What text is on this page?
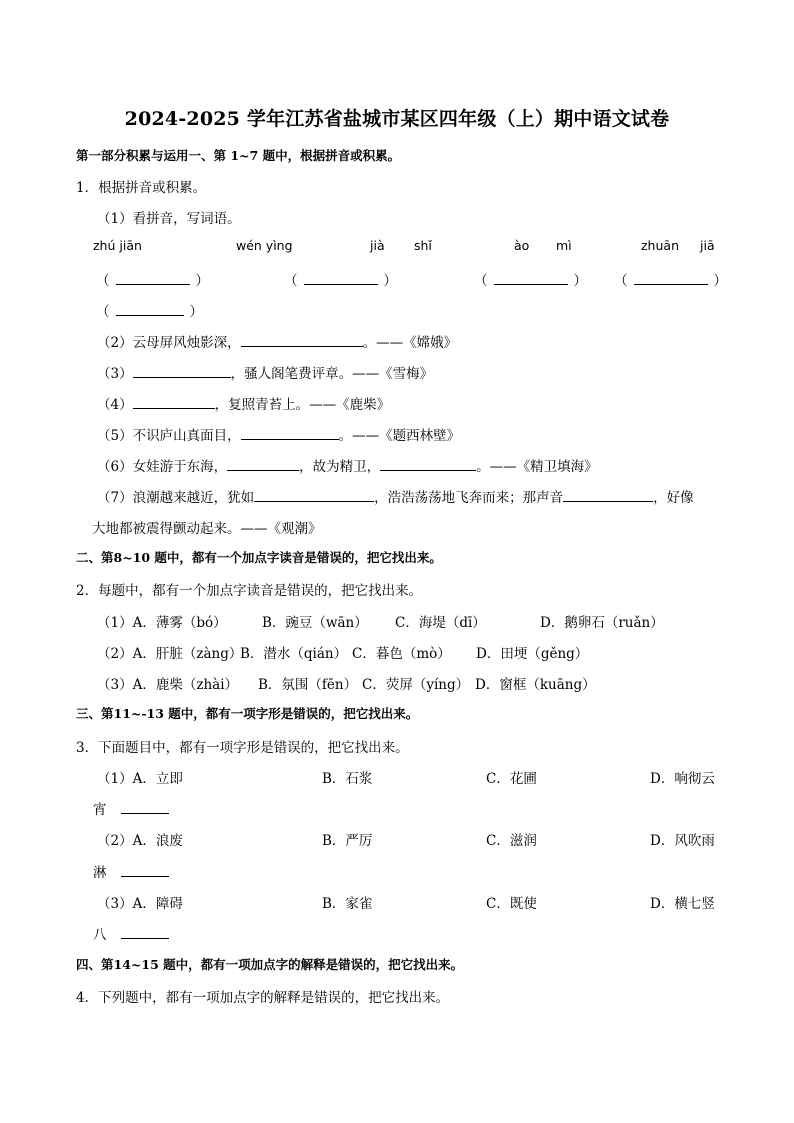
2024-2025 学年江苏省盐城市某区四年级（上）期中语文试卷
第一部分积累与运用一、第 1~7 题中，根据拼音或积累。
1．根据拼音或积累。
（1）看拼音，写词语。
zhú jiān	wén yìng	jià shǐ	ào mì	zhuān jiā
（	）	（	）	（	） （	）
（	）
（2）云母屏风烛影深，	。——《嫦娥》
（3）	，骚人阁笔费评章。——《雪梅》
（4）	，复照青苔上。——《鹿柴》
（5）不识庐山真面目，	。——《题西林壁》
（6）女娃游于东海，	，故为精卫，	。——《精卫填海》
（7）浪潮越来越近，犹如	，浩浩荡荡地飞奔而来；那声音	，好像
大地都被震得颤动起来。——《观潮》
二、第8~10 题中，都有一个加点字读音是错误的，把它找出来。
2．每题中，都有一个加点字读音是错误的，把它找出来。
（1）A．薄雾（bó）	B．豌豆（wān） C．海堤（dī）	D．鹅卵石（ruǎn）
（2）A．肝脏（zàng）
B．潜水（qián） C．暮色（mò） D．田埂（gěng）
（3）A．鹿柴（zhài） B．氛围（fēn） C．荧屏（yíng） D．窗框（kuāng）
三、第11~-13 题中，都有一项字形是错误的，把它找出来。
3．下面题目中，都有一项字形是错误的，把它找出来。
（1）A．立即	B．石浆	C．花圃	D．响彻云
宵
（2）A．浪废	B．严厉	C．滋润	D．风吹雨
淋
（3）A．障碍	B．家雀	C．既使	D．横七竖
八
四、第14~15 题中，都有一项加点字的解释是错误的，把它找出来。
4．下列题中，都有一项加点字的解释是错误的，把它找出来。
